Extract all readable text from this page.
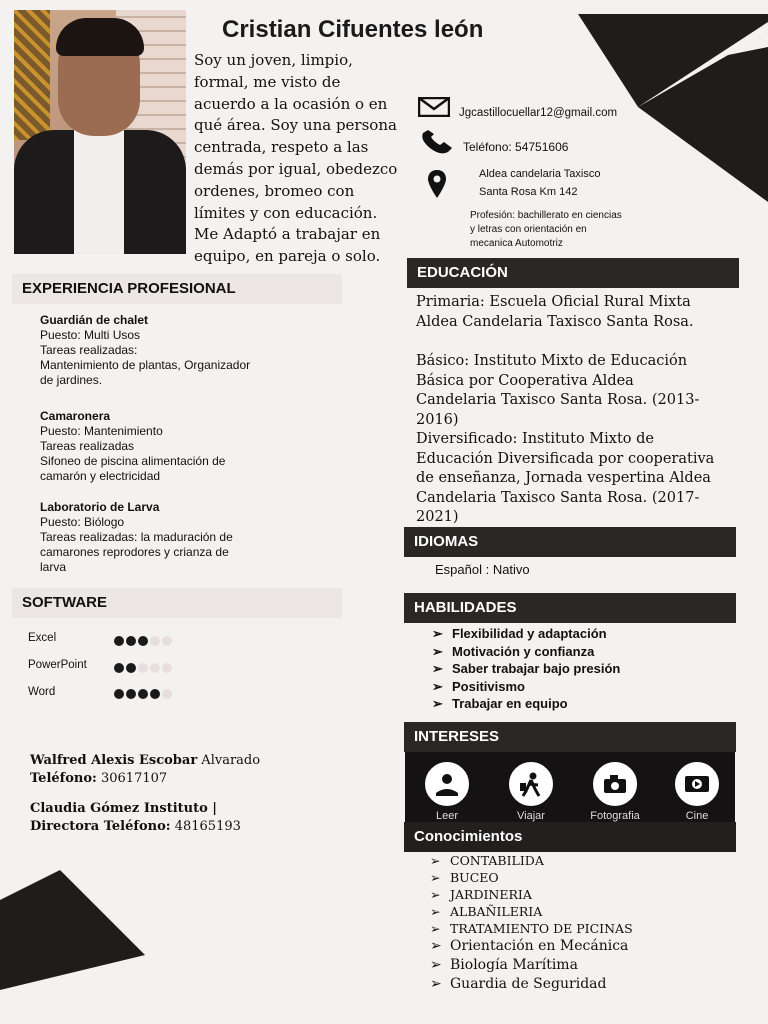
Cristian Cifuentes león
Soy un joven, limpio, formal, me visto de acuerdo a la ocasión o en qué área. Soy una persona centrada, respeto a las demás por igual, obedezco ordenes, bromeo con límites y con educación. Me Adaptó a trabajar en equipo, en pareja o solo.
Jgcastillocuellar12@gmail.com
Teléfono: 54751606
Aldea candelaria Taxisco
Santa Rosa Km 142
Profesión: bachillerato en ciencias
y letras con orientación en
mecanica Automotriz
EXPERIENCIA PROFESIONAL
Guardián de chalet
Puesto: Multi Usos
Tareas realizadas:
Mantenimiento de plantas, Organizador
de jardines.
Camaronera
Puesto: Mantenimiento
Tareas realizadas
Sifoneo de piscina alimentación de
camarón y electricidad
Laboratorio de Larva
Puesto: Biólogo
Tareas realizadas: la maduración de
camarones reprodores y crianza de
larva
SOFTWARE
Excel
PowerPoint
Word
Walfred Alexis Escobar Alvarado
Teléfono: 30617107
Claudia Gómez Instituto |
Directora Teléfono: 48165193
EDUCACIÓN
Primaria: Escuela Oficial Rural Mixta Aldea Candelaria Taxisco Santa Rosa.
Básico: Instituto Mixto de Educación Básica por Cooperativa Aldea Candelaria Taxisco Santa Rosa. (2013-2016)
Diversificado: Instituto Mixto de Educación Diversificada por cooperativa de enseñanza, Jornada vespertina Aldea Candelaria Taxisco Santa Rosa. (2017-2021)
IDIOMAS
Español : Nativo
HABILIDADES
➢ Flexibilidad y adaptación
➢ Motivación y confianza
➢ Saber trabajar bajo presión
➢ Positivismo
➢ Trabajar en equipo
INTERESES
Leer	Viajar	Fotografia	Cine
Conocimientos
➢ CONTABILIDA
➢ BUCEO
➢ JARDINERIA
➢ ALBAÑILERIA
➢ TRATAMIENTO DE PICINAS
➢ Orientación en Mecánica
➢ Biología Marítima
➢ Guardia de Seguridad
